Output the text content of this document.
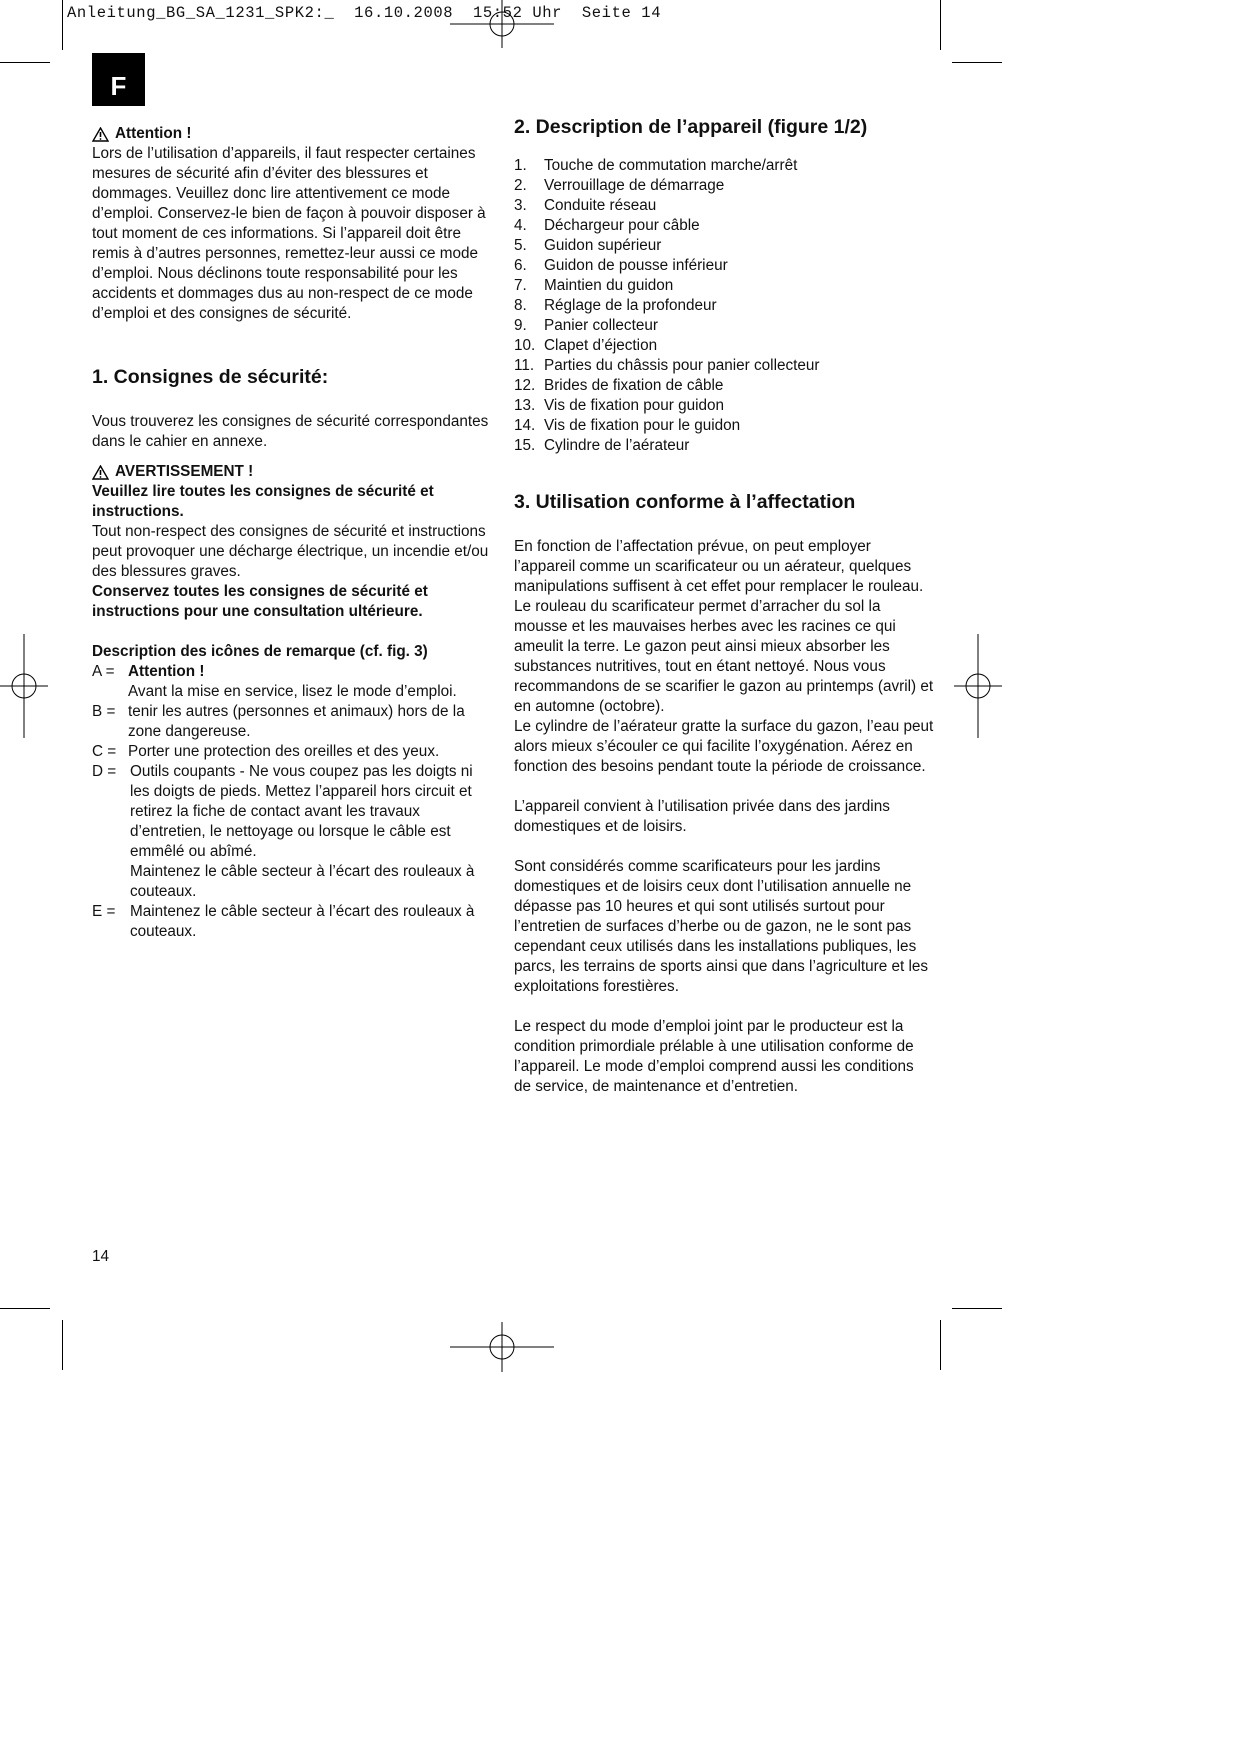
Anleitung_BG_SA_1231_SPK2:_  16.10.2008  15:52 Uhr  Seite 14
F
Attention !

Lors de l’utilisation d’appareils, il faut respecter certaines mesures de sécurité afin d’éviter des blessures et dommages. Veuillez donc lire attentivement ce mode d’emploi. Conservez-le bien de façon à pouvoir disposer à tout moment de ces informations. Si l’appareil doit être remis à d’autres personnes, remettez-leur aussi ce mode d’emploi. Nous déclinons toute responsabilité pour les accidents et dommages dus au non-respect de ce mode d’emploi et des consignes de sécurité.

1. Consignes de sécurité:

Vous trouverez les consignes de sécurité correspondantes dans le cahier en annexe.

AVERTISSEMENT !

Veuillez lire toutes les consignes de sécurité et instructions.

Tout non-respect des consignes de sécurité et instructions peut provoquer une décharge électrique, un incendie et/ou des blessures graves.

Conservez toutes les consignes de sécurité et instructions pour une consultation ultérieure.

Description des icônes de remarque (cf. fig. 3)

A = Attention !
Avant la mise en service, lisez le mode d’emploi.
B = tenir les autres (personnes et animaux) hors de la zone dangereuse.
C = Porter une protection des oreilles et des yeux.
D = Outils coupants - Ne vous coupez pas les doigts ni les doigts de pieds. Mettez l’appareil hors circuit et retirez la fiche de contact avant les travaux d’entretien, le nettoyage ou lorsque le câble est emmêlé ou abîmé.
Maintenez le câble secteur à l’écart des rouleaux à couteaux.
E = Maintenez le câble secteur à l’écart des rouleaux à couteaux.
2. Description de l’appareil (figure 1/2)
1.	Touche de commutation marche/arrêt
2.	Verrouillage de démarrage
3.	Conduite réseau
4.	Déchargeur pour câble
5.	Guidon supérieur
6.	Guidon de pousse inférieur
7.	Maintien du guidon
8.	Réglage de la profondeur
9.	Panier collecteur
10. Clapet d’éjection
11. Parties du châssis pour panier collecteur
12. Brides de fixation de câble
13. Vis de fixation pour guidon
14. Vis de fixation pour le guidon
15. Cylindre de l’aérateur
3. Utilisation conforme à l’affectation

En fonction de l’affectation prévue, on peut employer l’appareil comme un scarificateur ou un aérateur, quelques manipulations suffisent à cet effet pour remplacer le rouleau. Le rouleau du scarificateur permet d’arracher du sol la mousse et les mauvaises herbes avec les racines ce qui ameulit la terre. Le gazon peut ainsi mieux absorber les substances nutritives, tout en étant nettoyé. Nous vous recommandons de se scarifier le gazon au printemps (avril) et en automne (octobre).

Le cylindre de l’aérateur gratte la surface du gazon, l’eau peut alors mieux s’écouler ce qui facilite l’oxygénation. Aérez en fonction des besoins pendant toute la période de croissance.

L’appareil convient à l’utilisation privée dans des jardins domestiques et de loisirs.

Sont considérés comme scarificateurs pour les jardins domestiques et de loisirs ceux dont l’utilisation annuelle ne dépasse pas 10 heures et qui sont utilisés surtout pour l’entretien de surfaces d’herbe ou de gazon, ne le sont pas cependant ceux utilisés dans les installations publiques, les parcs, les terrains de sports ainsi que dans l’agriculture et les exploitations forestières.

Le respect du mode d’emploi joint par le producteur est la condition primordiale prélable à une utilisation conforme de l’appareil. Le mode d’emploi comprend aussi les conditions de service, de maintenance et d’entretien.

14
